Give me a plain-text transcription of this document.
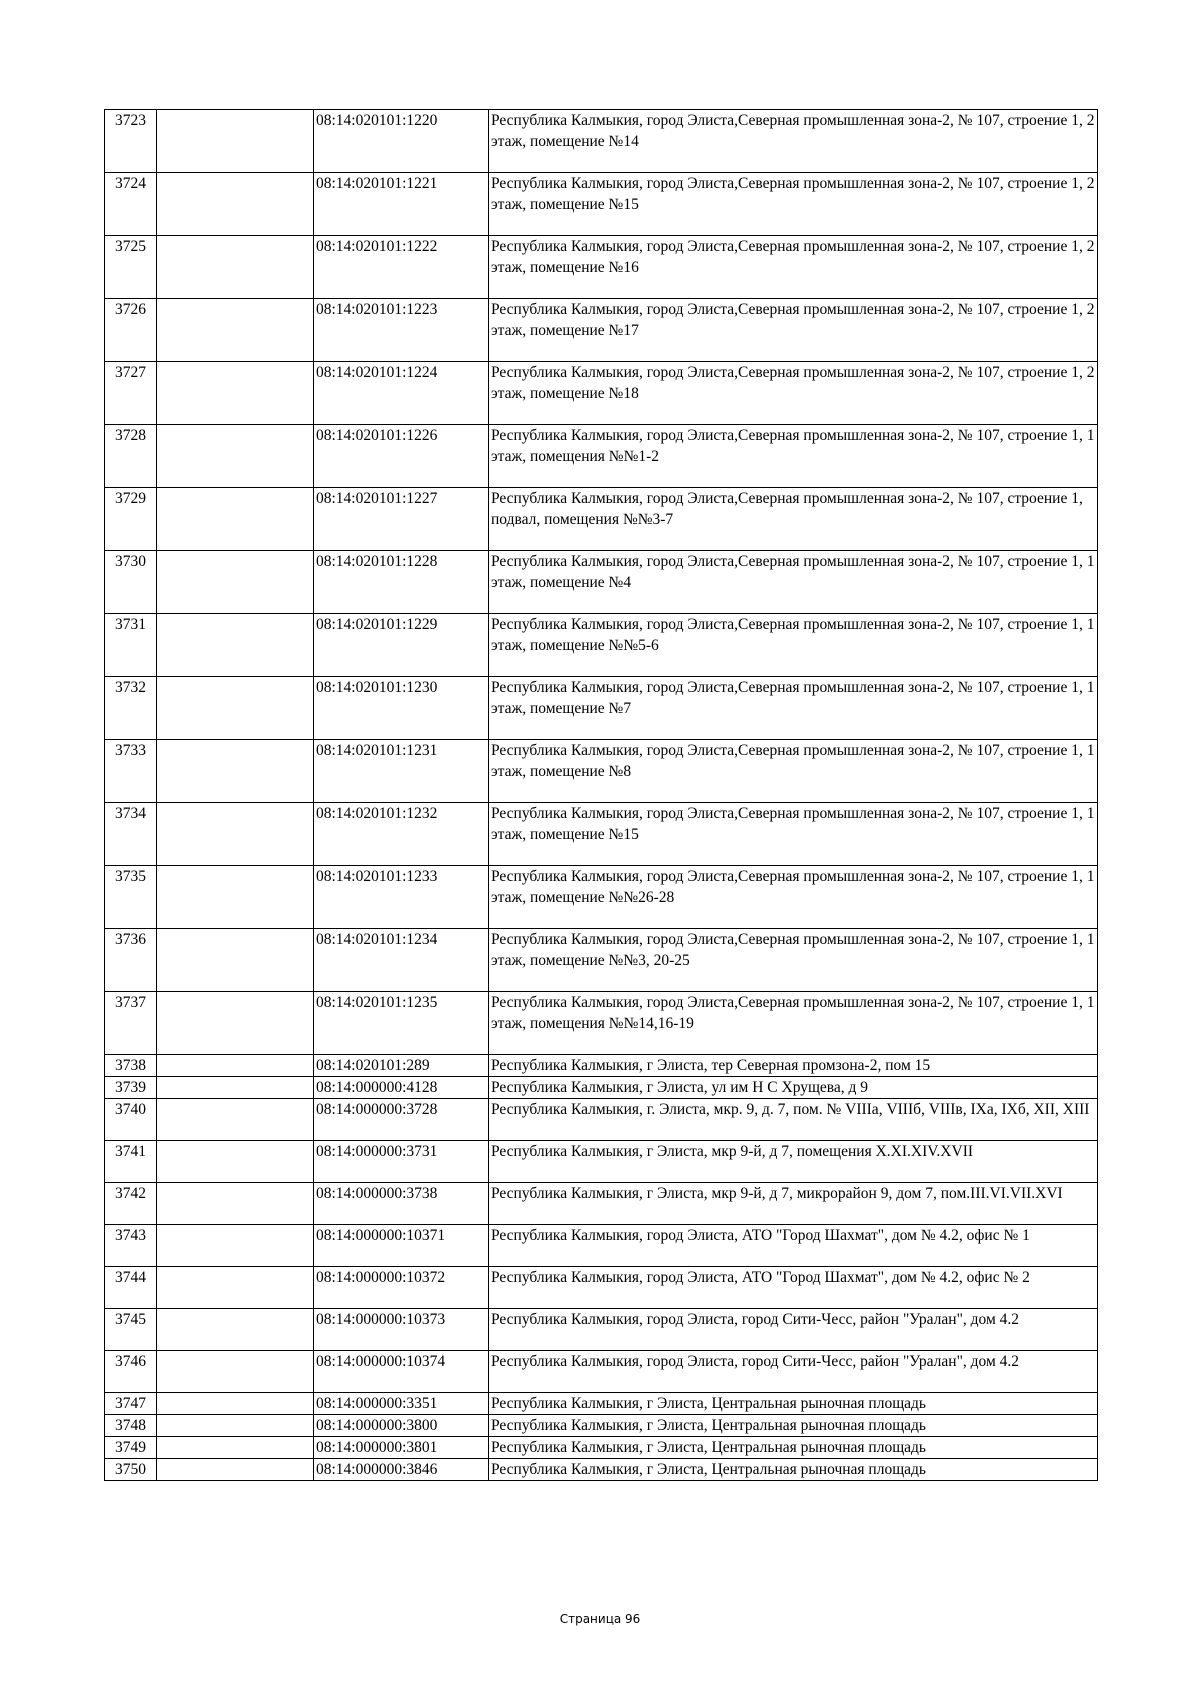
3723		08:14:020101:1220	Республика Калмыкия, город Элиста,Северная промышленная зона-2, № 107, строение 1, 2 этаж, помещение №14
3724		08:14:020101:1221	Республика Калмыкия, город Элиста,Северная промышленная зона-2, № 107, строение 1, 2 этаж, помещение №15
3725		08:14:020101:1222	Республика Калмыкия, город Элиста,Северная промышленная зона-2, № 107, строение 1, 2 этаж, помещение №16
3726		08:14:020101:1223	Республика Калмыкия, город Элиста,Северная промышленная зона-2, № 107, строение 1, 2 этаж, помещение №17
3727		08:14:020101:1224	Республика Калмыкия, город Элиста,Северная промышленная зона-2, № 107, строение 1, 2 этаж, помещение №18
3728		08:14:020101:1226	Республика Калмыкия, город Элиста,Северная промышленная зона-2, № 107, строение 1, 1 этаж, помещения №№1-2
3729		08:14:020101:1227	Республика Калмыкия, город Элиста,Северная промышленная зона-2, № 107, строение 1, подвал, помещения №№3-7
3730		08:14:020101:1228	Республика Калмыкия, город Элиста,Северная промышленная зона-2, № 107, строение 1, 1 этаж, помещение №4
3731		08:14:020101:1229	Республика Калмыкия, город Элиста,Северная промышленная зона-2, № 107, строение 1, 1 этаж, помещение №№5-6
3732		08:14:020101:1230	Республика Калмыкия, город Элиста,Северная промышленная зона-2, № 107, строение 1, 1 этаж, помещение №7
3733		08:14:020101:1231	Республика Калмыкия, город Элиста,Северная промышленная зона-2, № 107, строение 1, 1 этаж, помещение №8
3734		08:14:020101:1232	Республика Калмыкия, город Элиста,Северная промышленная зона-2, № 107, строение 1, 1 этаж, помещение №15
3735		08:14:020101:1233	Республика Калмыкия, город Элиста,Северная промышленная зона-2, № 107, строение 1, 1 этаж, помещение №№26-28
3736		08:14:020101:1234	Республика Калмыкия, город Элиста,Северная промышленная зона-2, № 107, строение 1, 1 этаж, помещение №№3, 20-25
3737		08:14:020101:1235	Республика Калмыкия, город Элиста,Северная промышленная зона-2, № 107, строение 1, 1 этаж, помещения №№14,16-19
3738		08:14:020101:289	Республика Калмыкия, г Элиста, тер Северная промзона-2, пом 15
3739		08:14:000000:4128	Республика Калмыкия, г Элиста, ул им Н С Хрущева, д 9
3740		08:14:000000:3728	Республика Калмыкия, г. Элиста, мкр. 9, д. 7, пом. № VIIIа, VIIIб, VIIIв, IXа, IXб, XII, XIII
3741		08:14:000000:3731	Республика Калмыкия, г Элиста, мкр 9-й, д 7, помещения X.XI.XIV.XVII
3742		08:14:000000:3738	Республика Калмыкия, г Элиста, мкр 9-й, д 7, микрорайон 9, дом 7, пом.III.VI.VII.XVI
3743		08:14:000000:10371	Республика Калмыкия, город Элиста, АТО "Город Шахмат", дом № 4.2, офис № 1
3744		08:14:000000:10372	Республика Калмыкия, город Элиста, АТО "Город Шахмат", дом № 4.2, офис № 2
3745		08:14:000000:10373	Республика Калмыкия, город Элиста, город Сити-Чесс, район "Уралан", дом 4.2
3746		08:14:000000:10374	Республика Калмыкия, город Элиста, город Сити-Чесс, район "Уралан", дом 4.2
3747		08:14:000000:3351	Республика Калмыкия, г Элиста, Центральная рыночная площадь
3748		08:14:000000:3800	Республика Калмыкия, г Элиста, Центральная рыночная площадь
3749		08:14:000000:3801	Республика Калмыкия, г Элиста, Центральная рыночная площадь
3750		08:14:000000:3846	Республика Калмыкия, г Элиста, Центральная рыночная площадь
Страница 96
